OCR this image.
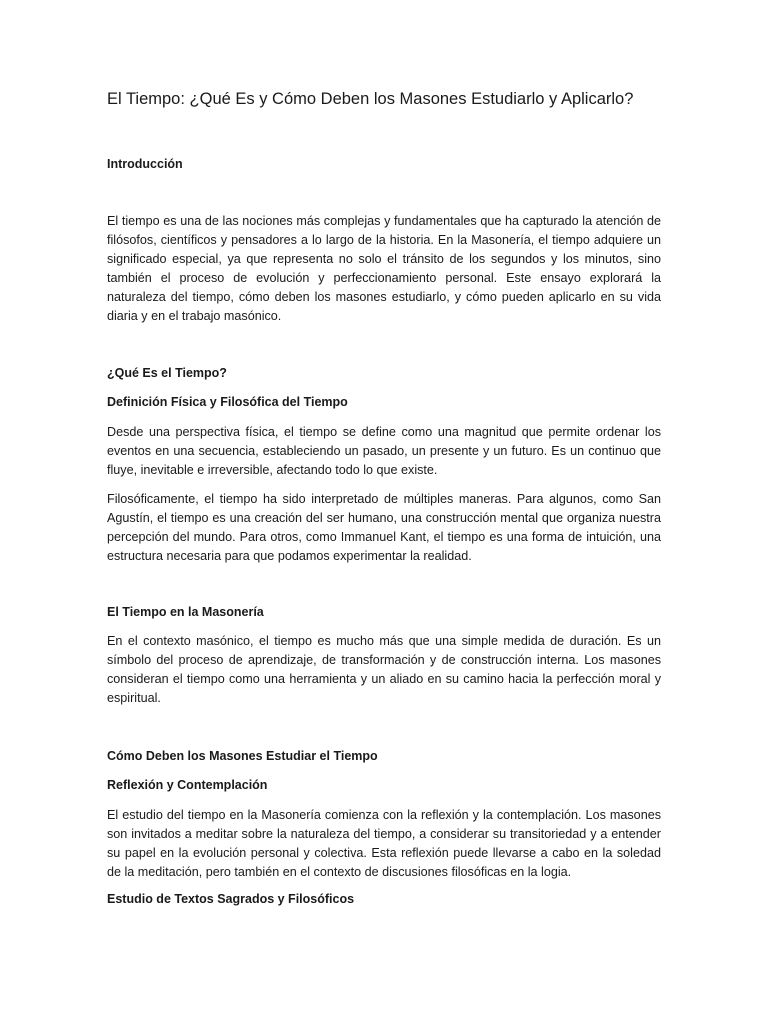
El Tiempo: ¿Qué Es y Cómo Deben los Masones Estudiarlo y Aplicarlo?
Introducción

El tiempo es una de las nociones más complejas y fundamentales que ha capturado la atención de filósofos, científicos y pensadores a lo largo de la historia. En la Masonería, el tiempo adquiere un significado especial, ya que representa no solo el tránsito de los segundos y los minutos, sino también el proceso de evolución y perfeccionamiento personal. Este ensayo explorará la naturaleza del tiempo, cómo deben los masones estudiarlo, y cómo pueden aplicarlo en su vida diaria y en el trabajo masónico.

¿Qué Es el Tiempo?
Definición Física y Filosófica del Tiempo

Desde una perspectiva física, el tiempo se define como una magnitud que permite ordenar los eventos en una secuencia, estableciendo un pasado, un presente y un futuro. Es un continuo que fluye, inevitable e irreversible, afectando todo lo que existe.

Filosóficamente, el tiempo ha sido interpretado de múltiples maneras. Para algunos, como San Agustín, el tiempo es una creación del ser humano, una construcción mental que organiza nuestra percepción del mundo. Para otros, como Immanuel Kant, el tiempo es una forma de intuición, una estructura necesaria para que podamos experimentar la realidad.

El Tiempo en la Masonería

En el contexto masónico, el tiempo es mucho más que una simple medida de duración. Es un símbolo del proceso de aprendizaje, de transformación y de construcción interna. Los masones consideran el tiempo como una herramienta y un aliado en su camino hacia la perfección moral y espiritual.

Cómo Deben los Masones Estudiar el Tiempo
Reflexión y Contemplación

El estudio del tiempo en la Masonería comienza con la reflexión y la contemplación. Los masones son invitados a meditar sobre la naturaleza del tiempo, a considerar su transitoriedad y a entender su papel en la evolución personal y colectiva. Esta reflexión puede llevarse a cabo en la soledad de la meditación, pero también en el contexto de discusiones filosóficas en la logia.

Estudio de Textos Sagrados y Filosóficos
